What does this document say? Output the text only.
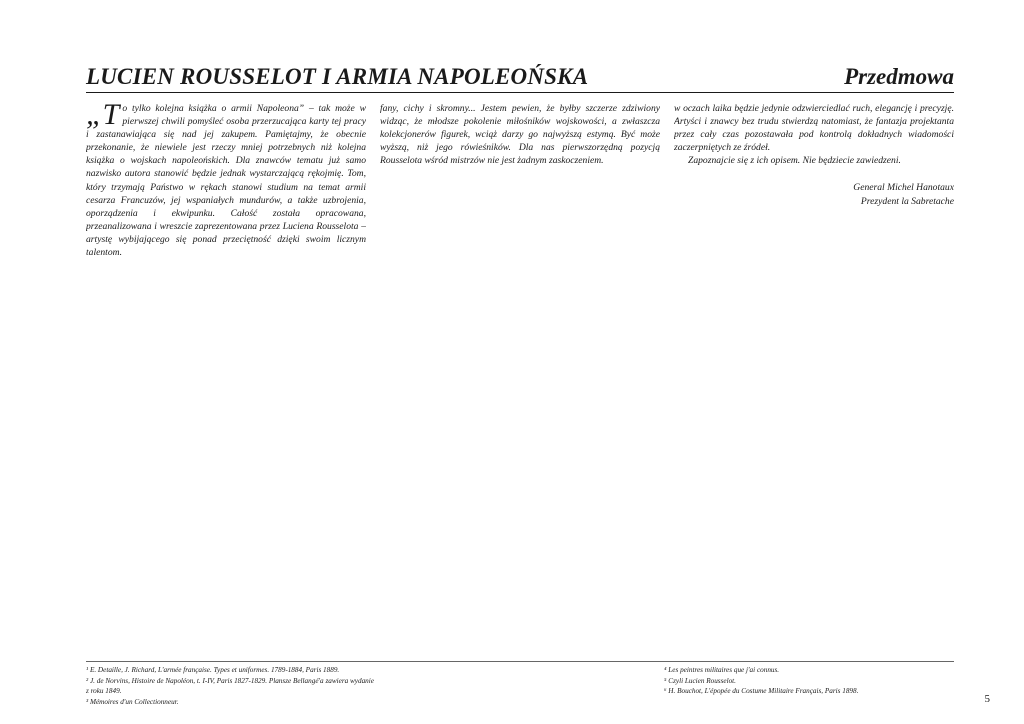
LUCIEN ROUSSELOT I ARMIA NAPOLEOŃSKA	Przedmowa

„To tylko kolejna książka o armii Napoleona” – tak może w pierwszej chwili pomyśleć osoba przerzucająca karty tej pracy i zastanawiająca się nad jej zakupem. Pamiętajmy, że obecnie przekonanie, że niewiele jest rzeczy mniej potrzebnych niż kolejna książka o wojskach napoleońskich. Dla znawców tematu już samo nazwisko autora stanowić będzie jednak wystarczającą rękojmię. Tom, który trzymają Państwo w rękach stanowi studium na temat armii cesarza Francuzów, jej wspaniałych mundurów, a także uzbrojenia, oporządzenia i ekwipunku. Całość została opracowana, przeanalizowana i wreszcie zaprezentowana przez Luciena Rousselota – artystę wybijającego się ponad przeciętność dzięki swoim licznym talentom.

fany, cichy i skromny... Jestem pewien, że byłby szczerze zdziwiony widząc, że młodsze pokolenie miłośników wojskowości, a zwłaszcza kolekcjonerów figurek, wciąż darzy go najwyższą estymą. Być może wyższą, niż jego rówieśników. Dla nas pierwszorzędną pozycją Rousselota wśród mistrzów nie jest żadnym zaskoczeniem.

w oczach laika będzie jedynie odzwierciedlać ruch, elegancję i precyzję. Artyści i znawcy bez trudu stwierdzą natomiast, że fantazja projektanta przez cały czas pozostawała pod kontrolą dokładnych wiadomości zaczerpniętych ze źródeł.

Zapoznajcie się z ich opisem. Nie będziecie zawiedzeni.

General Michel Hanotaux
Prezydent la Sabretache

¹ E. Detaille, J. Richard, L'armée française. Types et uniformes. 1789-1884, Paris 1889.

² J. de Norvins, Histoire de Napoléon, t. I-IV, Paris 1827-1829. Plansze Bellangé'a zawiera wydanie z roku 1849.

³ Mémoires d'un Collectionneur.

⁴ Les peintres militaires que j'ai connus.

⁵ Czyli Lucien Rousselot.

⁶ H. Bouchot, L'épopée du Costume Militaire Français, Paris 1898.

5
